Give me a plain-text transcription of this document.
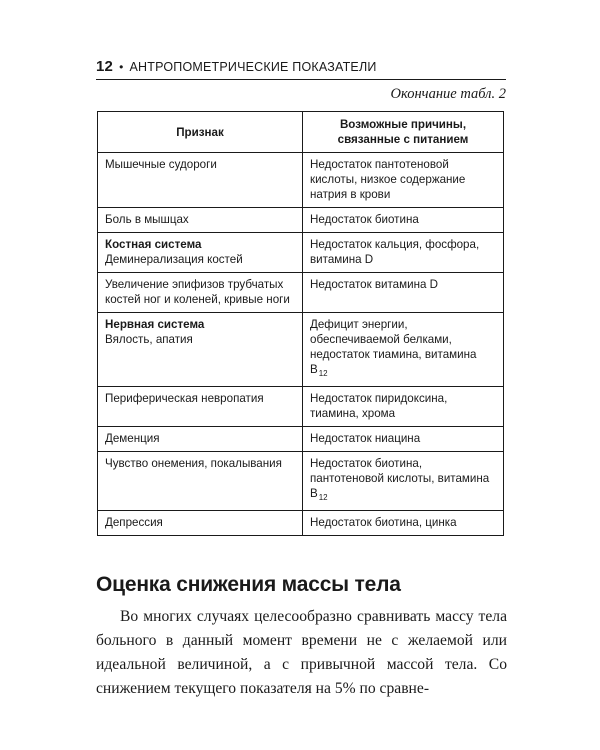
12 • АНТРОПОМЕТРИЧЕСКИЕ ПОКАЗАТЕЛИ
Окончание табл. 2
Признак	Возможные причины, связанные с питанием
Мышечные судороги	Недостаток пантотеновой кислоты, низкое содержание натрия в крови
Боль в мышцах	Недостаток биотина

Костная система
Деминерализация костей	Недостаток кальция, фосфора, витамина D
Увеличение эпифизов трубчатых костей ног и коленей, кривые ноги	Недостаток витамина D

Нервная система
Вялость, апатия	Дефицит энергии, обеспечиваемой белками, недостаток тиамина, витамина $B_{12}$
Периферическая невропатия	Недостаток пиридоксина, тиамина, хрома
Деменция	Недостаток ниацина
Чувство онемения, покалывания	Недостаток биотина, пантотеновой кислоты, витамина $B_{12}$
Депрессия	Недостаток биотина, цинка
Оценка снижения массы тела

Во многих случаях целесообразно сравнивать массу тела больного в данный момент времени не с желаемой или идеальной величиной, а с привычной массой тела. Со снижением текущего показателя на 5% по сравне-
